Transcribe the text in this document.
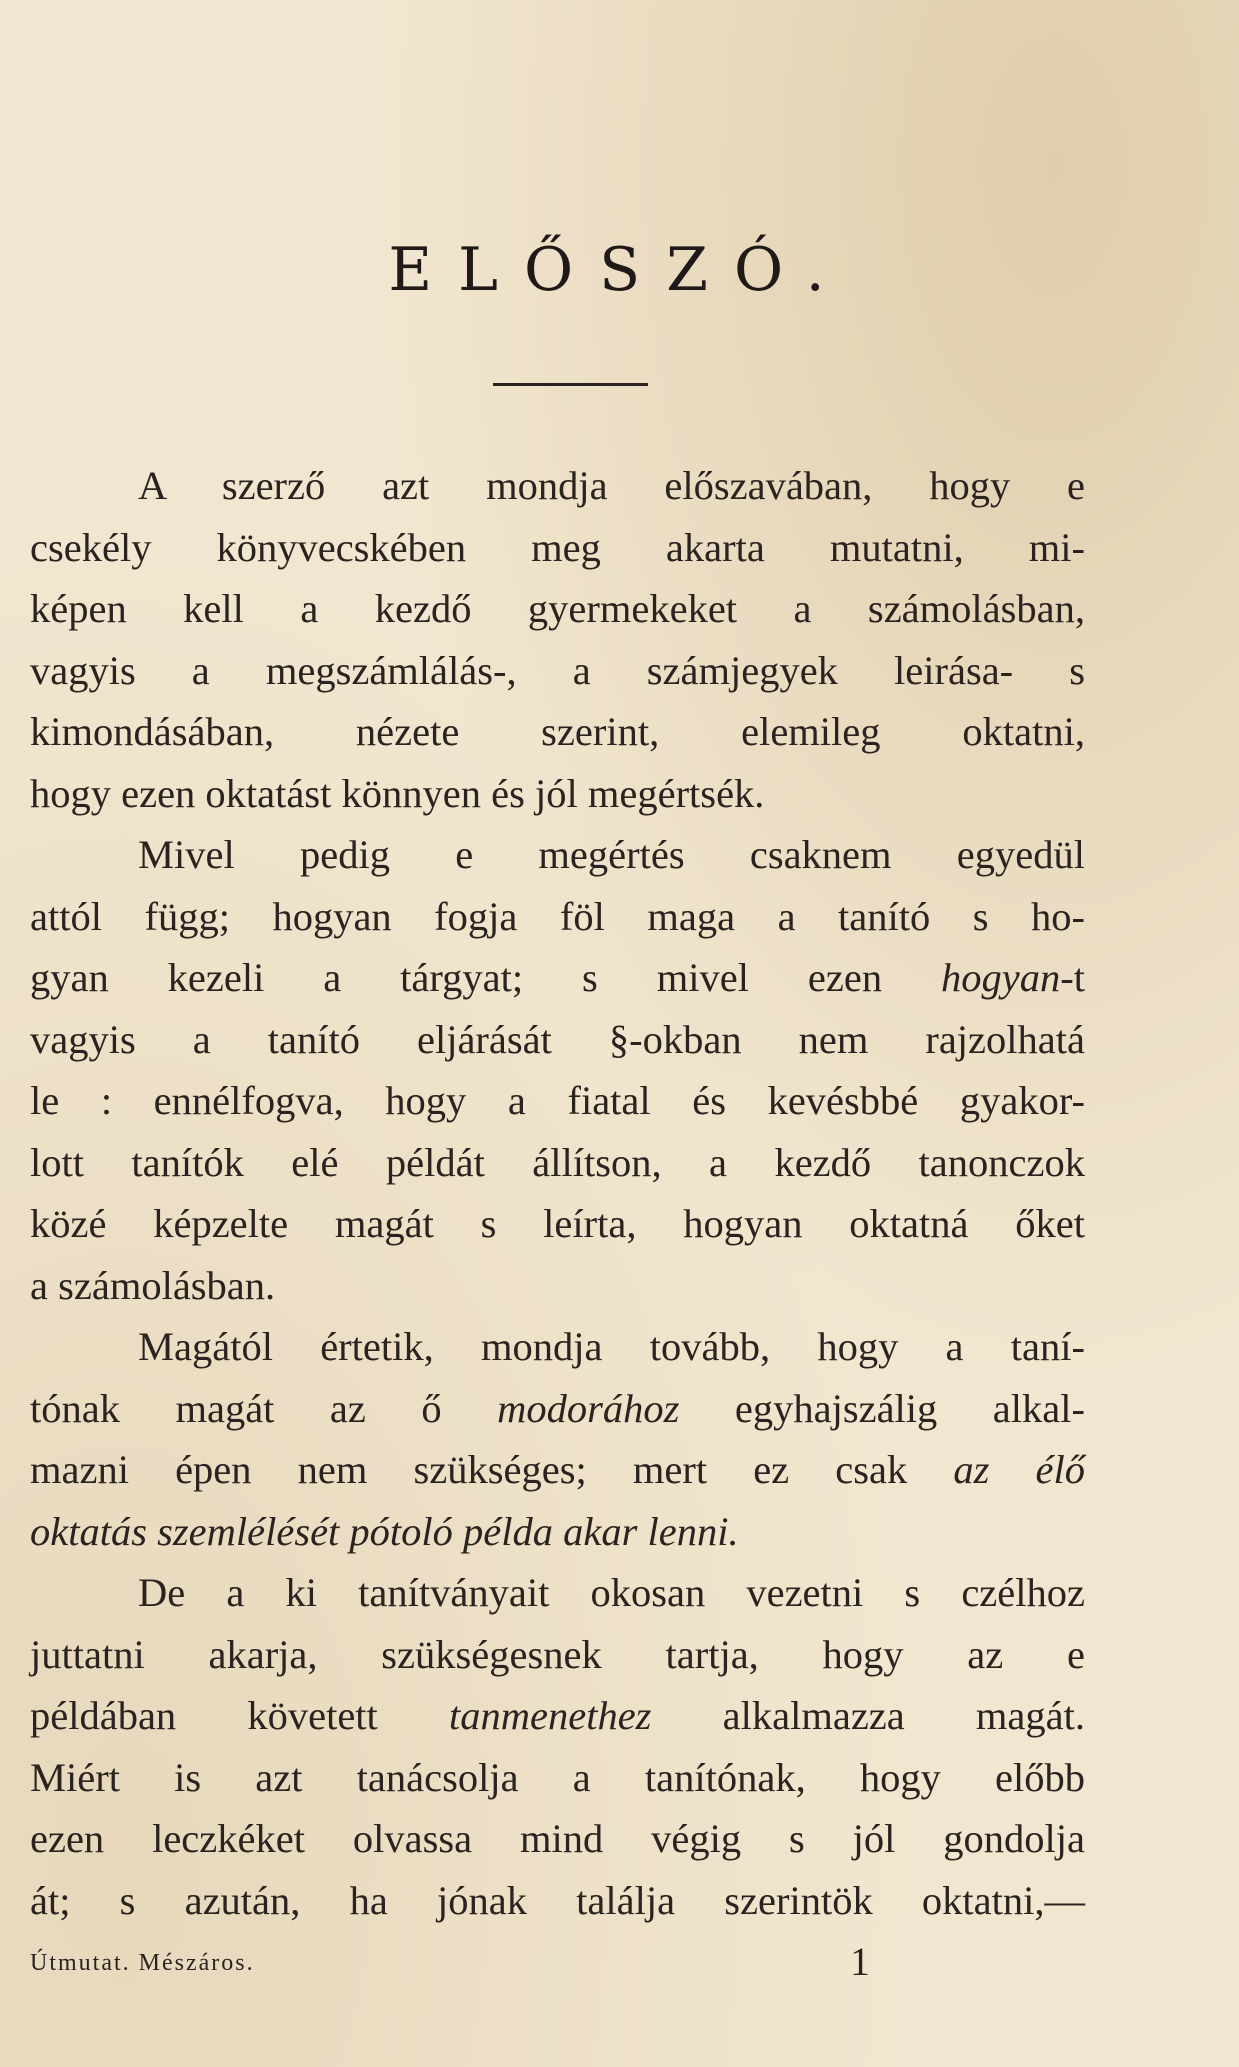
ELŐSZÓ.
A szerző azt mondja előszavában, hogy e
csekély könyvecskében meg akarta mutatni, mi-
képen kell a kezdő gyermekeket a számolásban,
vagyis a megszámlálás-, a számjegyek leirása- s
kimondásában, nézete szerint, elemileg oktatni,
hogy ezen oktatást könnyen és jól megértsék.
Mivel pedig e megértés csaknem egyedül
attól függ; hogyan fogja föl maga a tanító s ho-
gyan kezeli a tárgyat; s mivel ezen hogyan-t
vagyis a tanító eljárását §-okban nem rajzolhatá
le : ennélfogva, hogy a fiatal és kevésbbé gyakor-
lott tanítók elé példát állítson, a kezdő tanonczok
közé képzelte magát s leírta, hogyan oktatná őket
a számolásban.
Magától értetik, mondja tovább, hogy a taní-
tónak magát az ő modorához egyhajszálig alkal-
mazni épen nem szükséges; mert ez csak az élő
oktatás szemlélését pótoló példa akar lenni.
De a ki tanítványait okosan vezetni s czélhoz
juttatni akarja, szükségesnek tartja, hogy az e
példában követett tanmenethez alkalmazza magát.
Miért is azt tanácsolja a tanítónak, hogy előbb
ezen leczkéket olvassa mind végig s jól gondolja
át; s azután, ha jónak találja szerintök oktatni,—
Útmutat. Mészáros.	1
